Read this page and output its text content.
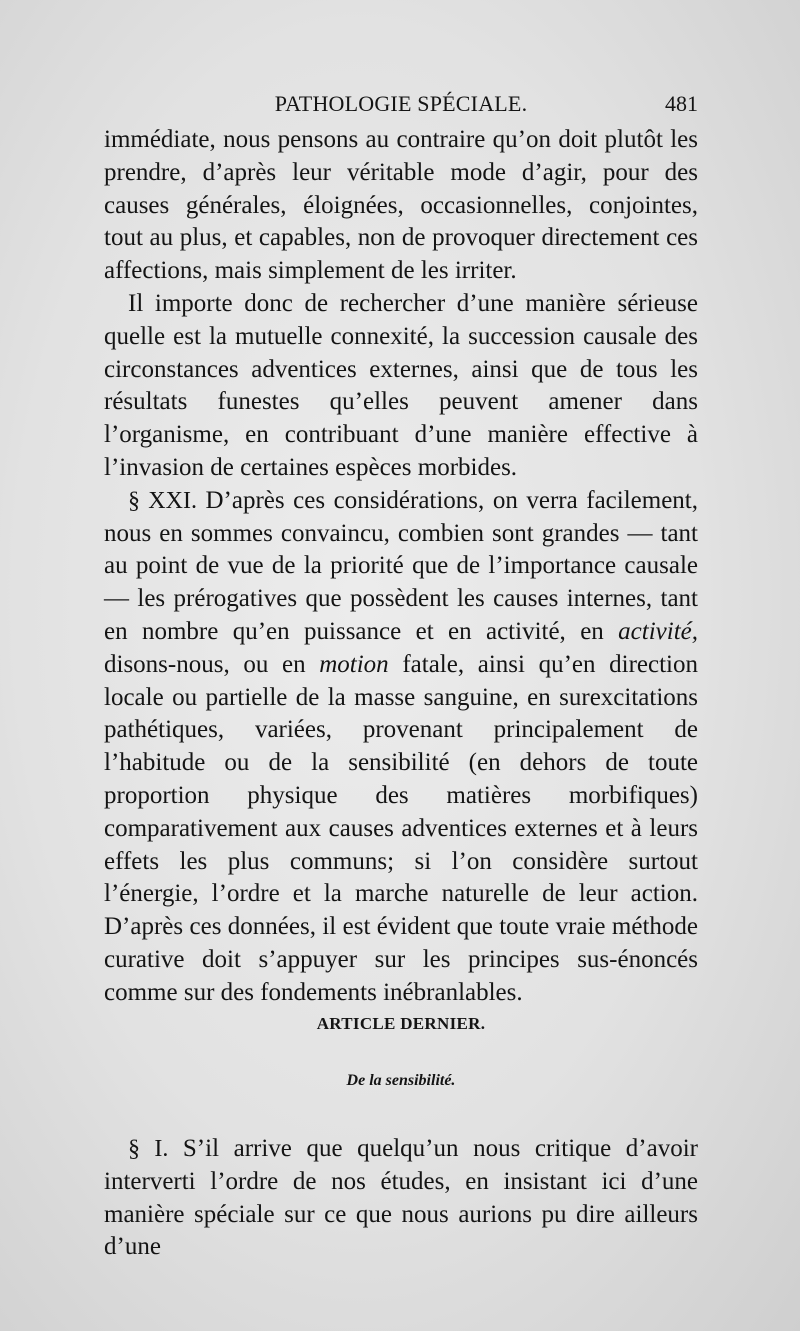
PATHOLOGIE SPÉCIALE.	481

immédiate, nous pensons au contraire qu’on doit plutôt les prendre, d’après leur véritable mode d’agir, pour des causes générales, éloignées, occasionnelles, conjointes, tout au plus, et capables, non de provoquer directement ces affections, mais simplement de les irriter.

Il importe donc de rechercher d’une manière sérieuse quelle est la mutuelle connexité, la succession causale des circonstances adventices externes, ainsi que de tous les résultats funestes qu’elles peuvent amener dans l’organisme, en contribuant d’une manière effective à l’invasion de certaines espèces morbides.

§ XXI. D’après ces considérations, on verra facilement, nous en sommes convaincu, combien sont grandes — tant au point de vue de la priorité que de l’importance causale— les prérogatives que possèdent les causes internes, tant en nombre qu’en puissance et en activité, en activité, disons-nous, ou en motion fatale, ainsi qu’en direction locale ou partielle de la masse sanguine, en surexcitations pathétiques, variées, provenant principalement de l’habitude ou de la sensibilité (en dehors de toute proportion physique des matières morbifiques) comparativement aux causes adventices externes et à leurs effets les plus communs; si l’on considère surtout l’énergie, l’ordre et la marche naturelle de leur action. D’après ces données, il est évident que toute vraie méthode curative doit s’appuyer sur les principes sus-énoncés comme sur des fondements inébranlables.

ARTICLE DERNIER.
De la sensibilité.

§ I. S’il arrive que quelqu’un nous critique d’avoir interverti l’ordre de nos études, en insistant ici d’une manière spéciale sur ce que nous aurions pu dire ailleurs d’une
